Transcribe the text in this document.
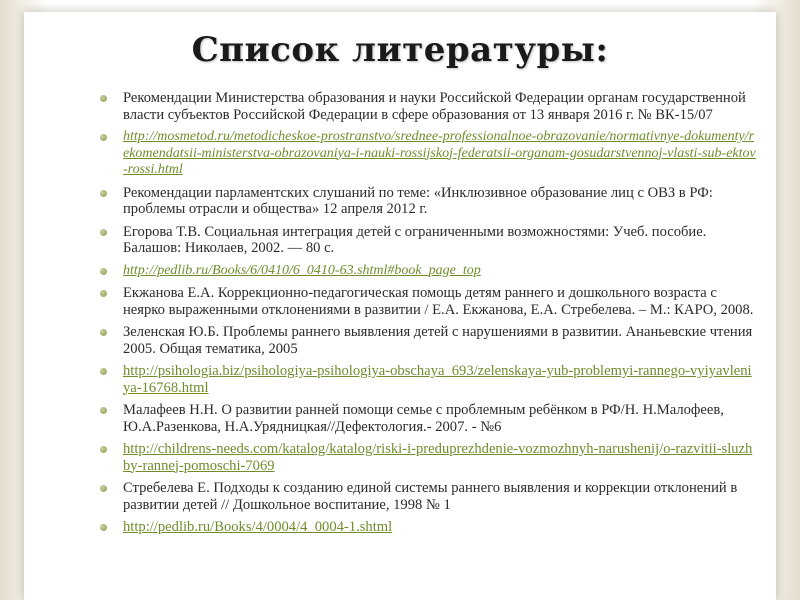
Список литературы:
Рекомендации Министерства образования и науки Российской Федерации органам государственной власти субъектов Российской Федерации в сфере образования от 13 января 2016 г. № ВК-15/07
http://mosmetod.ru/metodicheskoe-prostranstvo/srednee-professionalnoe-obrazovanie/normativnye-dokumenty/rekomendatsii-ministerstva-obrazovaniya-i-nauki-rossijskoj-federatsii-organam-gosudarstvennoj-vlasti-sub-ektov-rossi.html
Рекомендации парламентских слушаний по теме: «Инклюзивное образование лиц с ОВЗ в РФ: проблемы отрасли и общества» 12 апреля 2012 г.
Егорова Т.В. Социальная интеграция детей с ограниченными возможностями: Учеб. пособие. Балашов: Николаев, 2002. — 80 с.
http://pedlib.ru/Books/6/0410/6_0410-63.shtml#book_page_top
Екжанова Е.А. Коррекционно-педагогическая помощь детям раннего и дошкольного возраста с неярко выраженными отклонениями в развитии / Е.А. Екжанова, Е.А. Стребелева. – М.: КАРО, 2008.
Зеленская Ю.Б. Проблемы раннего выявления детей с нарушениями в развитии. Ананьевские чтения 2005. Общая тематика, 2005
http://psihologia.biz/psihologiya-psihologiya-obschaya_693/zelenskaya-yub-problemyi-rannego-vyiyavleniya-16768.html
Малафеев Н.Н. О развитии ранней помощи семье с проблемным ребёнком в РФ/Н. Н.Малофеев, Ю.А.Разенкова, Н.А.Урядницкая//Дефектология.- 2007. - №6
http://childrens-needs.com/katalog/katalog/riski-i-preduprezhdenie-vozmozhnyh-narushenij/o-razvitii-sluzhby-rannej-pomoschi-7069
Стребелева Е. Подходы к созданию единой системы раннего выявления и коррекции отклонений в развитии детей // Дошкольное воспитание, 1998 № 1
http://pedlib.ru/Books/4/0004/4_0004-1.shtml
